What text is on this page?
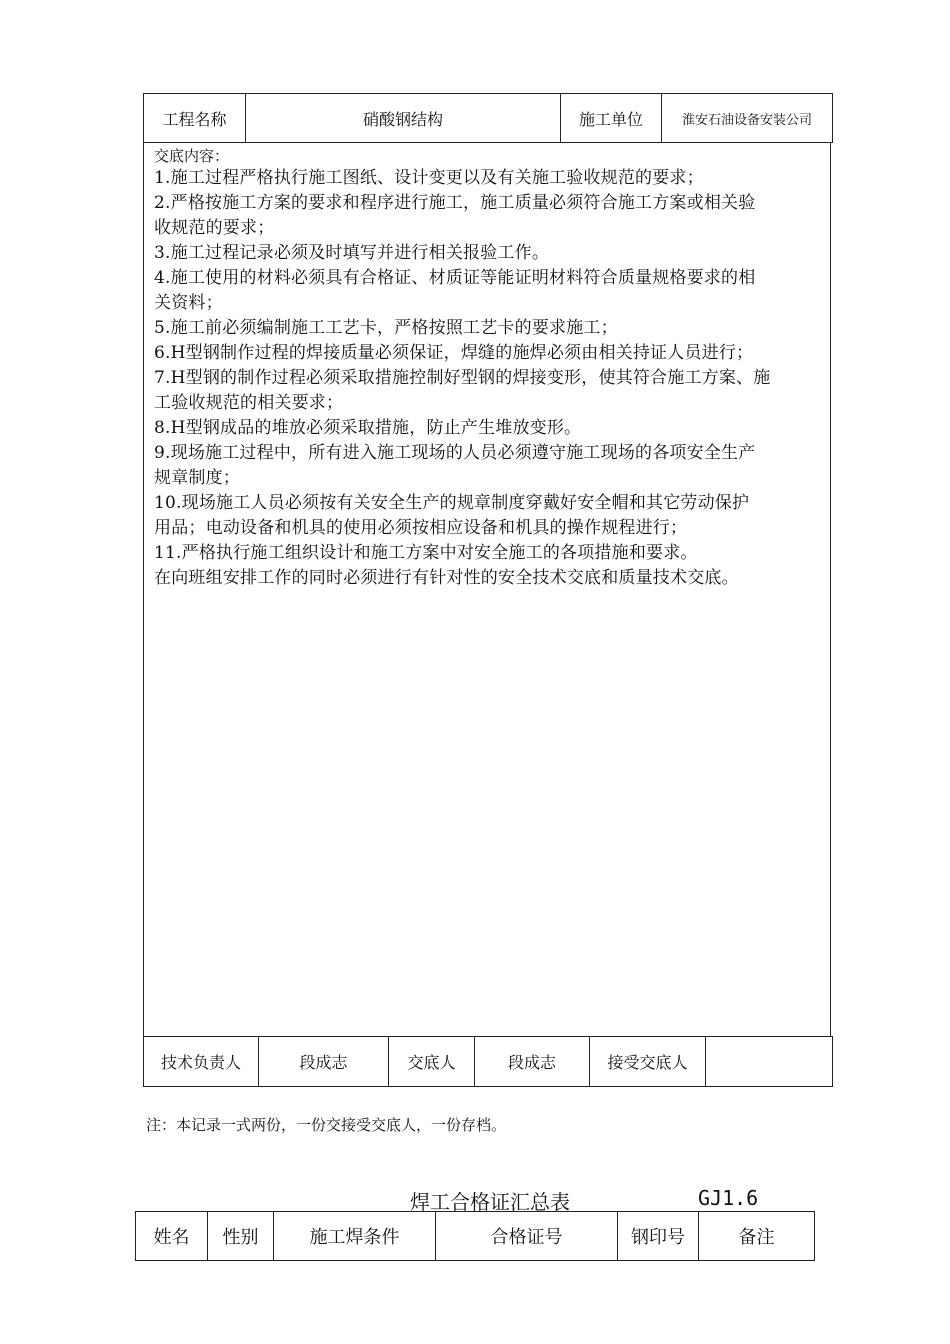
工程名称	硝酸钢结构	施工单位	淮安石油设备安装公司
交底内容：
1.施工过程严格执行施工图纸、设计变更以及有关施工验收规范的要求；
2.严格按施工方案的要求和程序进行施工，施工质量必须符合施工方案或相关验
收规范的要求；
3.施工过程记录必须及时填写并进行相关报验工作。
4.施工使用的材料必须具有合格证、材质证等能证明材料符合质量规格要求的相
关资料；
5.施工前必须编制施工工艺卡，严格按照工艺卡的要求施工；
6.H型钢制作过程的焊接质量必须保证，焊缝的施焊必须由相关持证人员进行；
7.H型钢的制作过程必须采取措施控制好型钢的焊接变形，使其符合施工方案、施
工验收规范的相关要求；
8.H型钢成品的堆放必须采取措施，防止产生堆放变形。
9.现场施工过程中，所有进入施工现场的人员必须遵守施工现场的各项安全生产
规章制度；
10.现场施工人员必须按有关安全生产的规章制度穿戴好安全帽和其它劳动保护
用品；电动设备和机具的使用必须按相应设备和机具的操作规程进行；
11.严格执行施工组织设计和施工方案中对安全施工的各项措施和要求。
在向班组安排工作的同时必须进行有针对性的安全技术交底和质量技术交底。
技术负责人	段成志	交底人	段成志	接受交底人	
注：本记录一式两份，一份交接受交底人，一份存档。
焊工合格证汇总表	GJ1.6
姓名	性别	施工焊条件	合格证号	钢印号	备注
